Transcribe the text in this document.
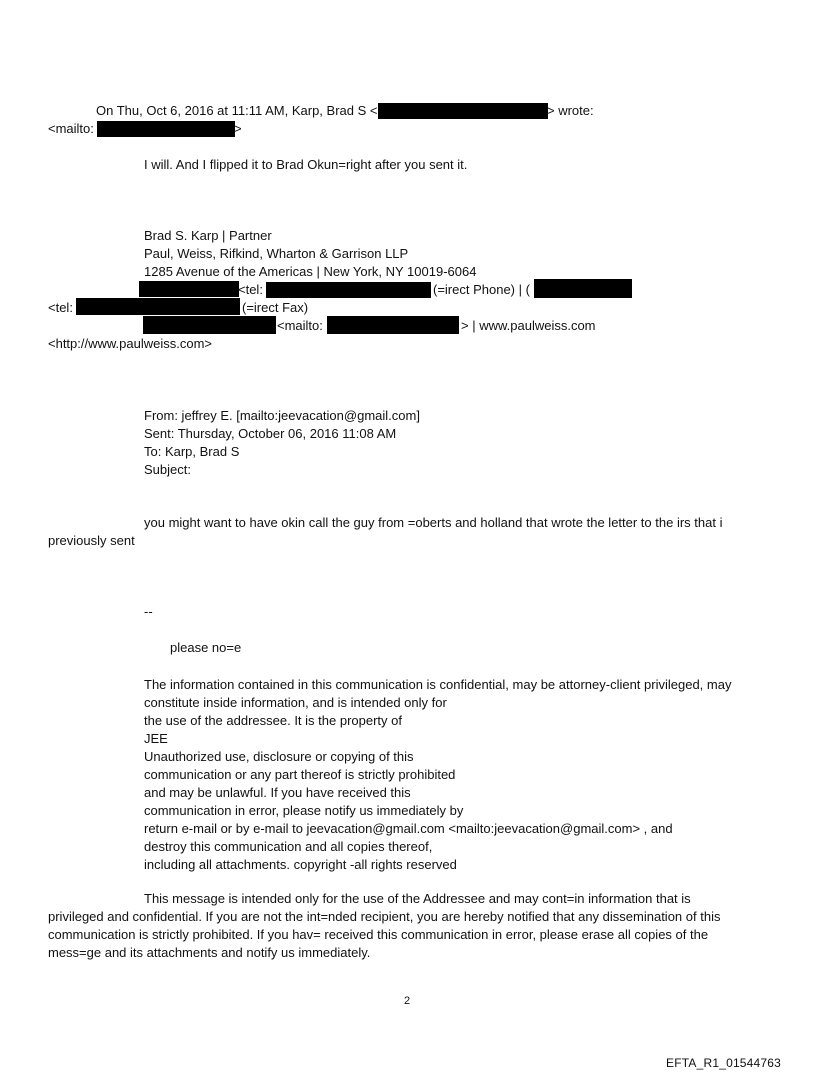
On Thu, Oct 6, 2016 at 11:11 AM, Karp, Brad S <	> wrote:
<mailto:	>
I will. And I flipped it to Brad Okun=right after you sent it.
Brad S. Karp | Partner
Paul, Weiss, Rifkind, Wharton & Garrison LLP
1285 Avenue of the Americas | New York, NY 10019-6064
<tel:	(=irect Phone) | (
<tel:	(=irect Fax)
<mailto:	> | www.paulweiss.com
<http://www.paulweiss.com>
From: jeffrey E. [mailto:jeevacation@gmail.com]
Sent: Thursday, October 06, 2016 11:08 AM
To: Karp, Brad S
Subject:
you might want to have okin call the guy from =oberts and holland that wrote the letter to the irs that i
previously sent
--
please no=e
The information contained in this communication is confidential, may be attorney-client privileged, may
constitute inside information, and is intended only for
the use of the addressee. It is the property of
JEE
Unauthorized use, disclosure or copying of this
communication or any part thereof is strictly prohibited
and may be unlawful. If you have received this
communication in error, please notify us immediately by
return e-mail or by e-mail to jeevacation@gmail.com <mailto:jeevacation@gmail.com> , and
destroy this communication and all copies thereof,
including all attachments. copyright -all rights reserved
This message is intended only for the use of the Addressee and may cont=in information that is
privileged and confidential. If you are not the int=nded recipient, you are hereby notified that any dissemination of this
communication is strictly prohibited. If you hav= received this communication in error, please erase all copies of the
mess=ge and its attachments and notify us immediately.
2
EFTA_R1_01544763
